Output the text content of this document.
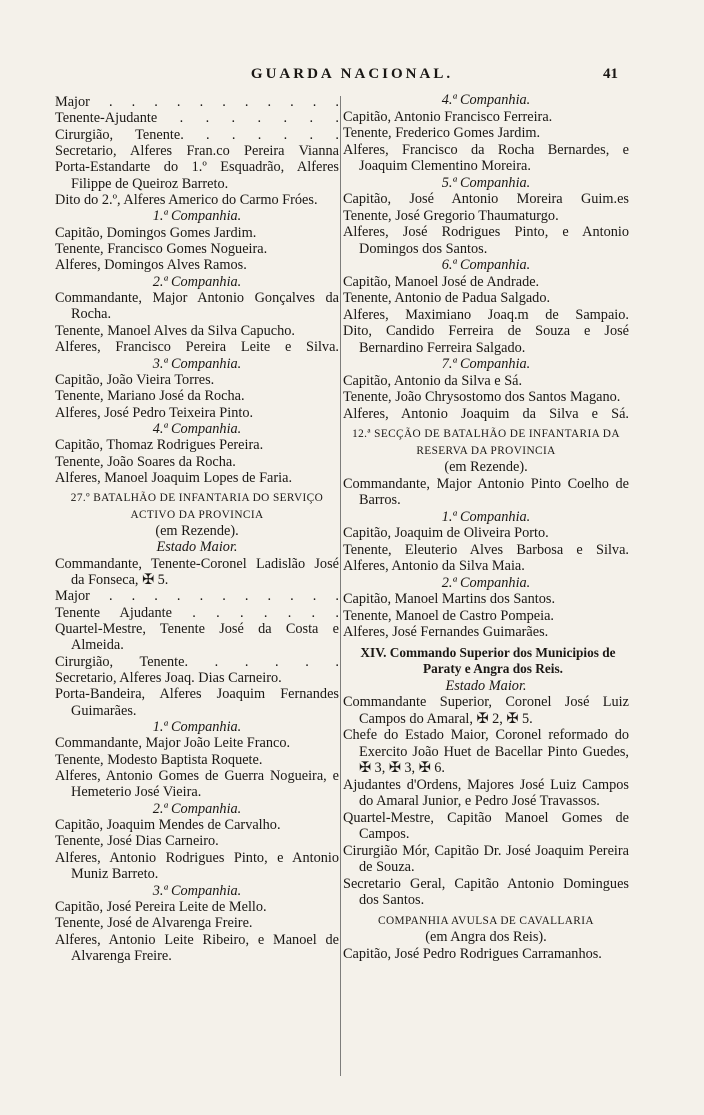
GUARDA NACIONAL.	41
Major . . . . . . . . . . .
Tenente-Ajudante . . . . . . .
Cirurgião, Tenente. . . . . . .
Secretario, Alferes Fran.co Pereira Vianna
Porta-Estandarte do 1.º Esquadrão, Alferes Filippe de Queiroz Barreto.
Dito do 2.º, Alferes Americo do Carmo Fróes.
1.ª Companhia.
Capitão, Domingos Gomes Jardim.
Tenente, Francisco Gomes Nogueira.
Alferes, Domingos Alves Ramos.
2.ª Companhia.
Commandante, Major Antonio Gonçalves da Rocha.
Tenente, Manoel Alves da Silva Capucho.
Alferes, Francisco Pereira Leite e Silva.
3.ª Companhia.
Capitão, João Vieira Torres.
Tenente, Mariano José da Rocha.
Alferes, José Pedro Teixeira Pinto.
4.ª Companhia.
Capitão, Thomaz Rodrigues Pereira.
Tenente, João Soares da Rocha.
Alferes, Manoel Joaquim Lopes de Faria.
27.º BATALHÃO DE INFANTARIA DO SERVIÇO ACTIVO DA PROVINCIA
(em Rezende).
Estado Maior.
Commandante, Tenente-Coronel Ladislão José da Fonseca, ✠ 5.
Major . . . . . . . . . . .
Tenente Ajudante . . . . . . .
Quartel-Mestre, Tenente José da Costa e Almeida.
Cirurgião, Tenente. . . . . .
Secretario, Alferes Joaq. Dias Carneiro.
Porta-Bandeira, Alferes Joaquim Fernandes Guimarães.
1.ª Companhia.
Commandante, Major João Leite Franco.
Tenente, Modesto Baptista Roquete.
Alferes, Antonio Gomes de Guerra Nogueira, e Hemeterio José Vieira.
2.ª Companhia.
Capitão, Joaquim Mendes de Carvalho.
Tenente, José Dias Carneiro.
Alferes, Antonio Rodrigues Pinto, e Antonio Muniz Barreto.
3.ª Companhia.
Capitão, José Pereira Leite de Mello.
Tenente, José de Alvarenga Freire.
Alferes, Antonio Leite Ribeiro, e Manoel de Alvarenga Freire.
4.ª Companhia.
Capitão, Antonio Francisco Ferreira.
Tenente, Frederico Gomes Jardim.
Alferes, Francisco da Rocha Bernardes, e Joaquim Clementino Moreira.
5.ª Companhia.
Capitão, José Antonio Moreira Guim.es
Tenente, José Gregorio Thaumaturgo.
Alferes, José Rodrigues Pinto, e Antonio Domingos dos Santos.
6.ª Companhia.
Capitão, Manoel José de Andrade.
Tenente, Antonio de Padua Salgado.
Alferes, Maximiano Joaq.m de Sampaio.
Dito, Candido Ferreira de Souza e José Bernardino Ferreira Salgado.
7.ª Companhia.
Capitão, Antonio da Silva e Sá.
Tenente, João Chrysostomo dos Santos Magano.
Alferes, Antonio Joaquim da Silva e Sá.
12.ª SECÇÃO DE BATALHÃO DE INFANTARIA DA RESERVA DA PROVINCIA
(em Rezende).
Commandante, Major Antonio Pinto Coelho de Barros.
1.ª Companhia.
Capitão, Joaquim de Oliveira Porto.
Tenente, Eleuterio Alves Barbosa e Silva.
Alferes, Antonio da Silva Maia.
2.ª Companhia.
Capitão, Manoel Martins dos Santos.
Tenente, Manoel de Castro Pompeia.
Alferes, José Fernandes Guimarães.
XIV. Commando Superior dos Municipios de Paraty e Angra dos Reis.
Estado Maior.
Commandante Superior, Coronel José Luiz Campos do Amaral, ✠ 2, ✠ 5.
Chefe do Estado Maior, Coronel reformado do Exercito João Huet de Bacellar Pinto Guedes, ✠ 3, ✠ 3, ✠ 6.
Ajudantes d'Ordens, Majores José Luiz Campos do Amaral Junior, e Pedro José Travassos.
Quartel-Mestre, Capitão Manoel Gomes de Campos.
Cirurgião Mór, Capitão Dr. José Joaquim Pereira de Souza.
Secretario Geral, Capitão Antonio Domingues dos Santos.
COMPANHIA AVULSA DE CAVALLARIA
(em Angra dos Reis).
Capitão, José Pedro Rodrigues Carramanhos.
